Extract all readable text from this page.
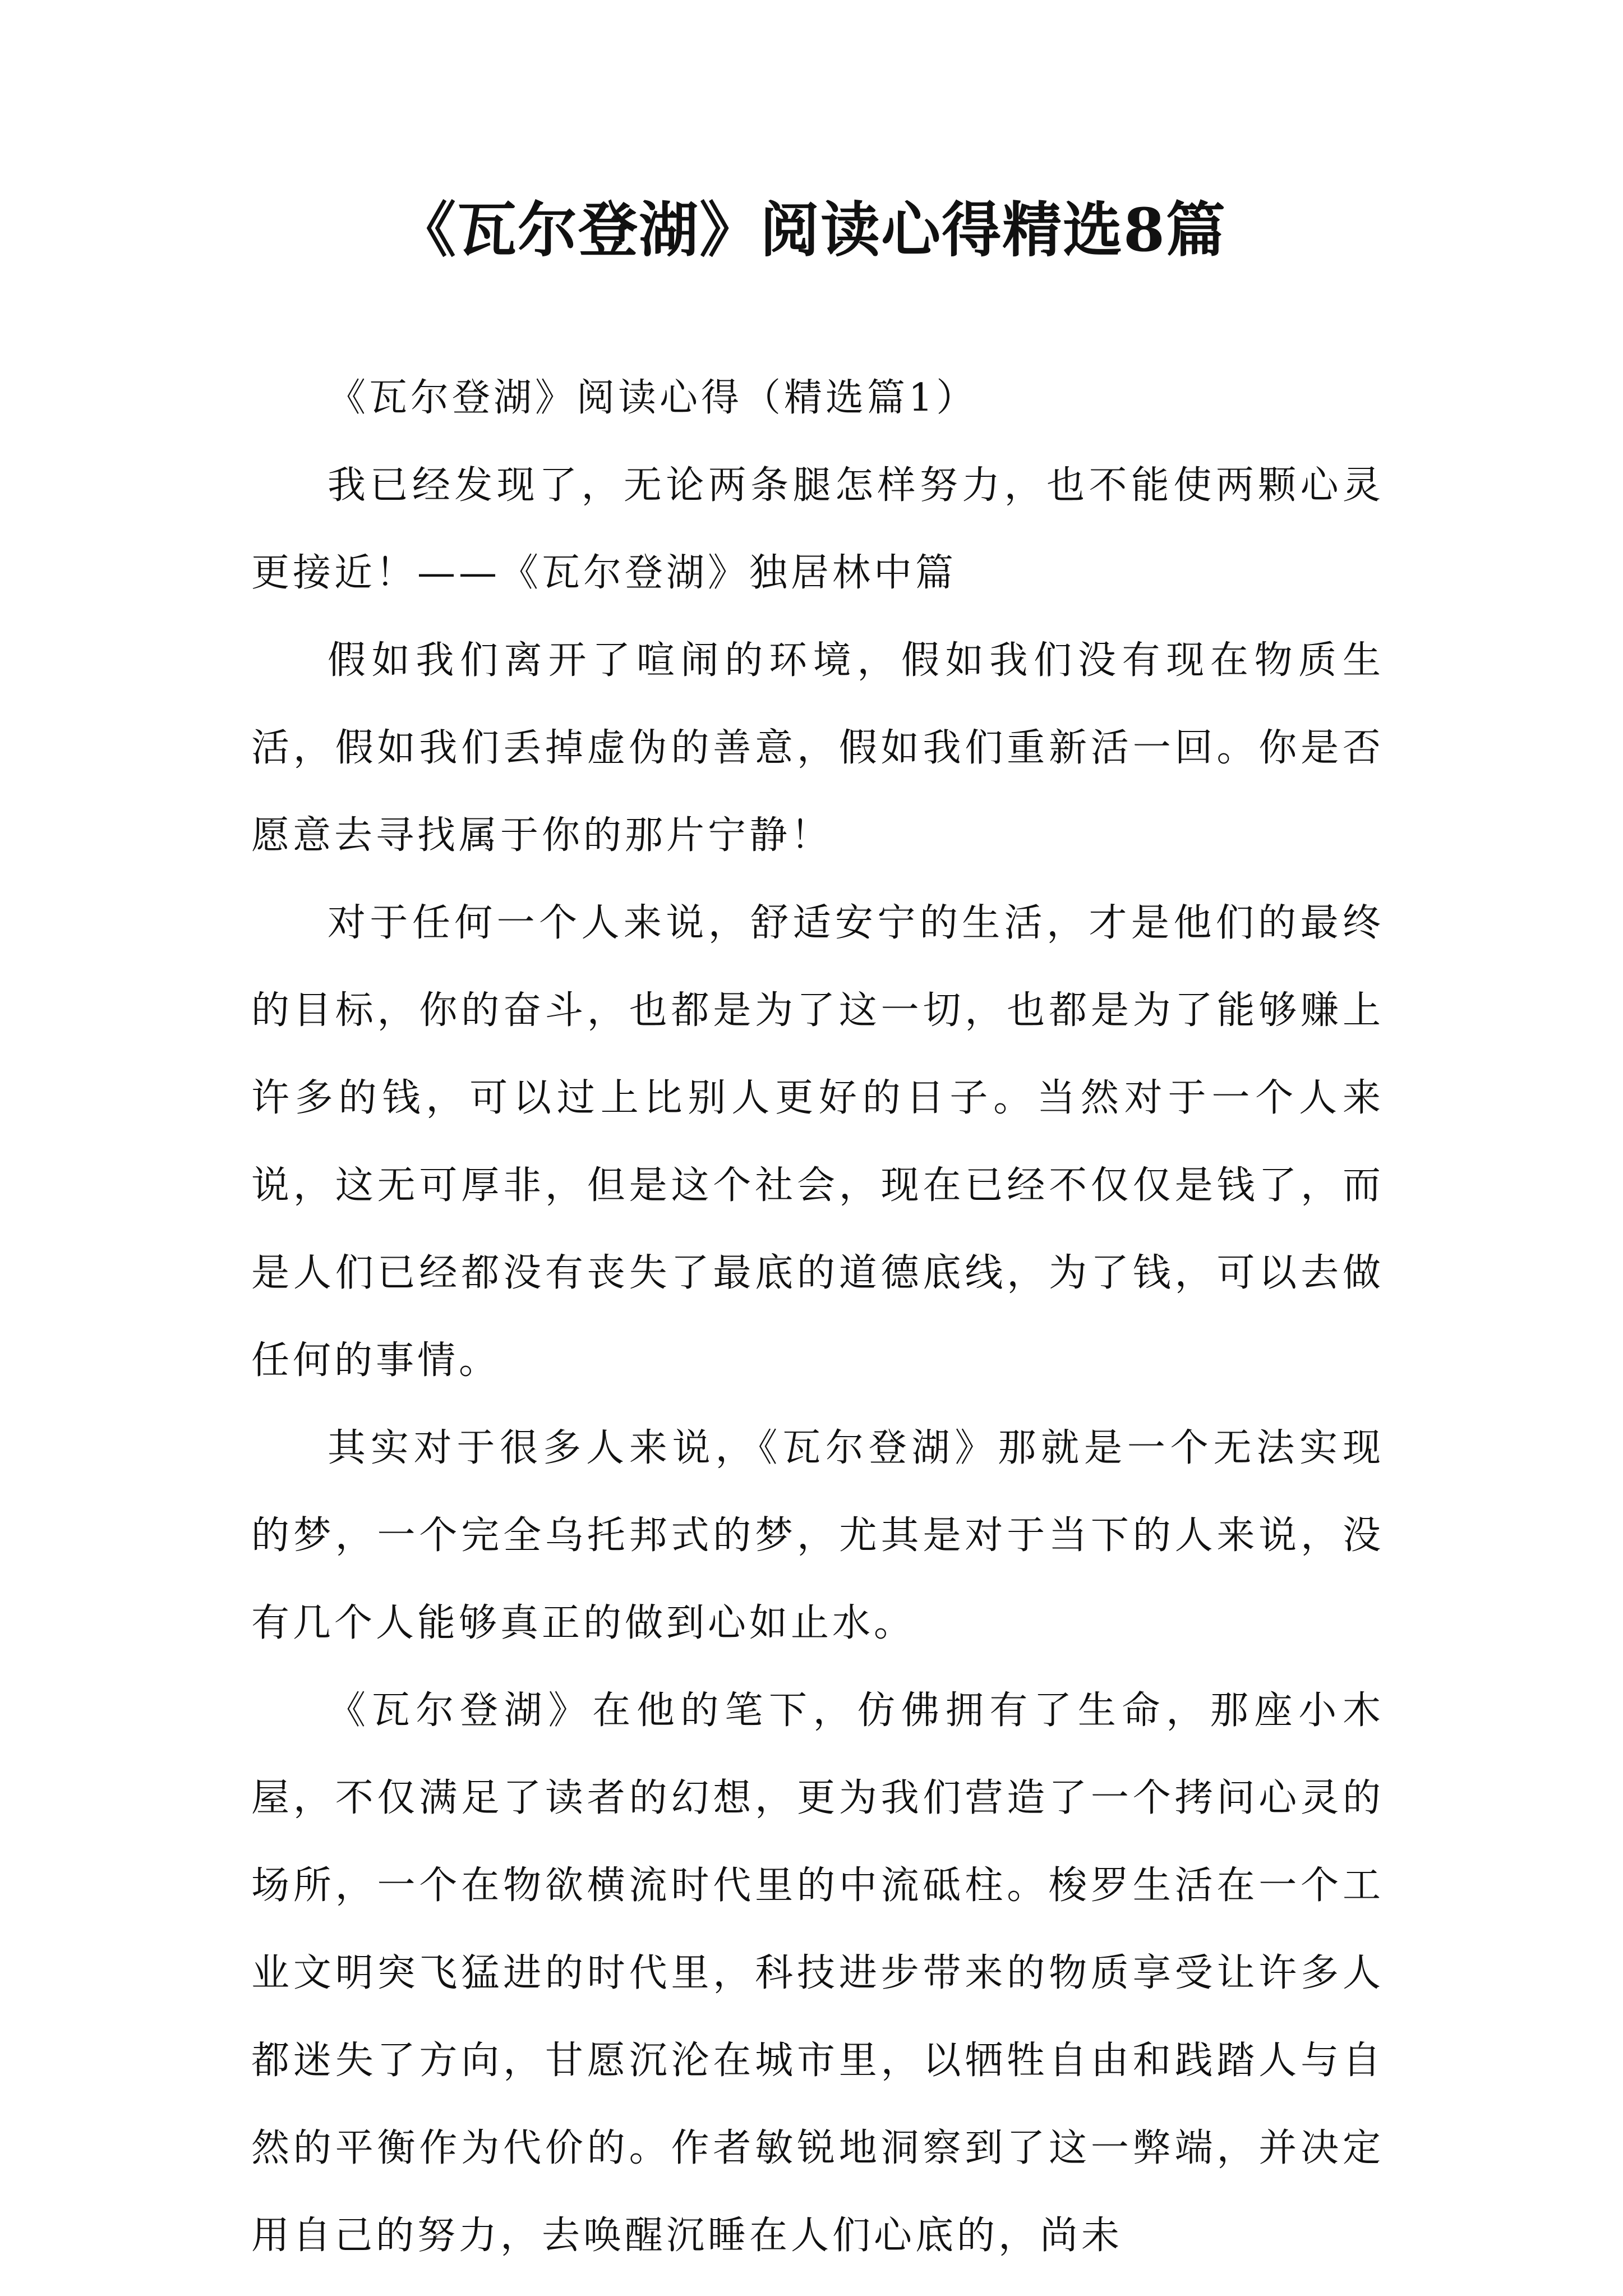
《瓦尔登湖》阅读心得精选8篇

《瓦尔登湖》阅读心得（精选篇1）

我已经发现了，无论两条腿怎样努力，也不能使两颗心灵更接近！——《瓦尔登湖》独居林中篇

假如我们离开了喧闹的环境，假如我们没有现在物质生活，假如我们丢掉虚伪的善意，假如我们重新活一回。你是否愿意去寻找属于你的那片宁静！

对于任何一个人来说，舒适安宁的生活，才是他们的最终的目标，你的奋斗，也都是为了这一切，也都是为了能够赚上许多的钱，可以过上比别人更好的日子。当然对于一个人来说，这无可厚非，但是这个社会，现在已经不仅仅是钱了，而是人们已经都没有丧失了最底的道德底线，为了钱，可以去做任何的事情。

其实对于很多人来说，《瓦尔登湖》那就是一个无法实现的梦，一个完全乌托邦式的梦，尤其是对于当下的人来说，没有几个人能够真正的做到心如止水。

《瓦尔登湖》在他的笔下，仿佛拥有了生命，那座小木屋，不仅满足了读者的幻想，更为我们营造了一个拷问心灵的场所，一个在物欲横流时代里的中流砥柱。梭罗生活在一个工业文明突飞猛进的时代里，科技进步带来的物质享受让许多人都迷失了方向，甘愿沉沦在城市里，以牺牲自由和践踏人与自然的平衡作为代价的。作者敏锐地洞察到了这一弊端，并决定用自己的努力，去唤醒沉睡在人们心底的，尚未
